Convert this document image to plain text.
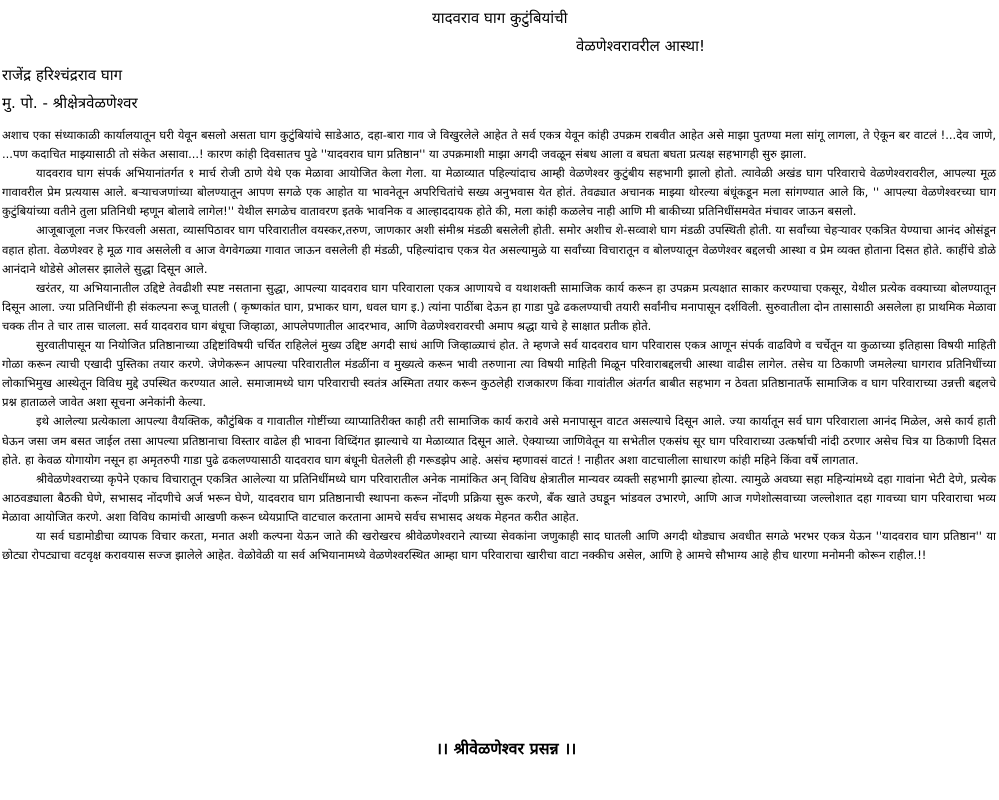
यादवराव घाग कुटुंबियांची
वेळणेश्वरावरील आस्था!
राजेंद्र हरिश्चंद्रराव घाग
मु. पो. - श्रीक्षेत्रवेळणेश्वर

अशाच एका संध्याकाळी कार्यालयातून घरी येवून बसलो असता घाग कुटुंबियांचे साडेआठ, दहा-बारा गाव जे विखुरलेले आहेत ते सर्व एकत्र येवून कांही उपक्रम राबवीत आहेत असे माझा पुतण्या मला सांगू लागला, ते ऐकून बर वाटलं !...देव जाणे, ...पण कदाचित माझ्यासाठी तो संकेत असावा...! कारण कांही दिवसातच पुढे ''यादवराव घाग प्रतिष्ठान'' या उपक्रमाशी माझा अगदी जवळून संबध आला व बघता बघता प्रत्यक्ष सहभागही सुरु झाला.

यादवराव घाग संपर्क अभियानांतर्गत १ मार्च रोजी ठाणे येथे एक मेळावा आयोजित केला गेला. या मेळाव्यात पहिल्यांदाच आम्ही वेळणेश्वर कुटुंबीय सहभागी झालो होतो. त्यावेळी अखंड घाग परिवाराचे वेळणेश्वरावरील, आपल्या मूळ गावावरील प्रेम प्रत्ययास आले. बऱ्याचजणांच्या बोलण्यातून आपण सगळे एक आहोत या भावनेतून अपरिचितांचे सख्य अनुभवास येत होतं. तेवढ्यात अचानक माझ्या थोरल्या बंधूंकडून मला सांगण्यात आले कि, '' आपल्या वेळणेश्वरच्या घाग कुटुंबियांच्या वतीने तुला प्रतिनिधी म्हणून बोलावे लागेल!'' येथील सगळेच वातावरण इतके भावनिक व आल्हाददायक होते की, मला कांही कळलेच नाही आणि मी बाकीच्या प्रतिनिधींसमवेत मंचावर जाऊन बसलो.

आजूबाजूला नजर फिरवली असता, व्यासपिठावर घाग परिवारातील वयस्कर,तरुण, जाणकार अशी संमीश्र मंडळी बसलेली होती. समोर अशीच शे-सव्वाशे घाग मंडळी उपस्थिती होती. या सर्वांच्या चेहऱ्यावर एकत्रित येण्याचा आनंद ओसंडून वहात होता. वेळणेश्वर हे मूळ गाव असलेली व आज वेगवेगळ्या गावात जाऊन वसलेली ही मंडळी, पहिल्यांदाच एकत्र येत असल्यामुळे या सर्वांच्या विचारातून व बोलण्यातून वेळणेश्वर बद्दलची आस्था व प्रेम व्यक्त होताना दिसत होते. काहींचे डोळे आनंदाने थोडेसे ओलसर झालेले सुद्धा दिसून आले.

खरंतर, या अभियानातील उद्दिष्टे तेवढीशी स्पष्ट नसताना सुद्धा, आपल्या यादवराव घाग परिवाराला एकत्र आणायचे व यथाशक्ती सामाजिक कार्य करून हा उपक्रम प्रत्यक्षात साकार करण्याचा एकसूर, येथील प्रत्येक वक्याच्या बोलण्यातून दिसून आला. ज्या प्रतिनिधींनी ही संकल्पना रूजू घातली ( कृष्णकांत घाग, प्रभाकर घाग, धवल घाग इ.) त्यांना पाठींबा देऊन हा गाडा पुढे ढकलण्याची तयारी सर्वांनीच मनापासून दर्शविली. सुरुवातीला दोन तासासाठी असलेला हा प्राथमिक मेळावा चक्क तीन ते चार तास चालला. सर्व यादवराव घाग बंधूचा जिव्हाळा, आपलेपणातील आदरभाव, आणि वेळणेश्वरावरची अमाप श्रद्धा याचे हे साक्षात प्रतीक होते.

सुरवातीपासून या नियोजित प्रतिष्ठानाच्या उद्दिष्टांविषयी चर्चित राहिलेलं मुख्य उद्दिष्ट अगदी साधं आणि जिव्हाळ्याचं होत. ते म्हणजे सर्व यादवराव घाग परिवारास एकत्र आणून संपर्क वाढविणे व चर्चेतून या कुळाच्या इतिहासा विषयी माहिती गोळा करून त्याची एखादी पुस्तिका तयार करणे. जेणेकरून आपल्या परिवारातील मंडळींना व मुख्यत्वे करून भावी तरुणाना त्या विषयी माहिती मिळून परिवाराबद्दलची आस्था वाढीस लागेल. तसेच या ठिकाणी जमलेल्या घागराव प्रतिनिधींच्या लोकाभिमुख आस्थेतून विविध मुद्दे उपस्थित करण्यात आले. समाजामध्ये घाग परिवाराची स्वतंत्र अस्मिता तयार करून कुठलेही राजकारण किंवा गावांतील अंतर्गत बाबीत सहभाग न ठेवता प्रतिष्ठानातर्फे सामाजिक व घाग परिवाराच्या उन्नत्ती बद्दलचे प्रश्न हाताळले जावेत अशा सूचना अनेकांनी केल्या.

इथे आलेल्या प्रत्येकाला आपल्या वैयक्तिक, कौटुंबिक व गावातील गोष्टींच्या व्याप्यातिरीक्त काही तरी सामाजिक कार्य करावे असे मनापासून वाटत असल्याचे दिसून आले. ज्या कार्यातून सर्व घाग परिवाराला आनंद मिळेल, असे कार्य हाती घेऊन जसा जम बसत जाईल तसा आपल्या प्रतिष्ठानाचा विस्तार वाढेल ही भावना विध्दिंगत झाल्याचे या मेळाव्यात दिसून आले. ऐक्याच्या जाणिवेतून या सभेतील एकसंघ सूर घाग परिवाराच्या उत्कर्षाची नांदी ठरणार असेच चित्र या ठिकाणी दिसत होते. हा केवळ योगायोग नसून हा अमृतरुपी गाडा पुढे ढकलण्यासाठी यादवराव घाग बंधूनी घेतलेली ही गरूडझेप आहे. असंच म्हणावसं वाटतं ! नाहीतर अशा वाटचालीला साधारण कांही महिने किंवा वर्षे लागतात.

श्रीवेळणेश्वराच्या कृपेने एकाच विचारातून एकत्रित आलेल्या या प्रतिनिधींमध्ये घाग परिवारातील अनेक नामांकित अन् विविध क्षेत्रातील मान्यवर व्यक्ती सहभागी झाल्या होत्या. त्यामुळे अवघ्या सहा महिन्यांमध्ये दहा गावांना भेटी देणे, प्रत्येक आठवड्याला बैठकी घेणे, सभासद नोंदणीचे अर्ज भरून घेणे, यादवराव घाग प्रतिष्ठानाची स्थापना करून नोंदणी प्रक्रिया सुरू करणे, बँक खाते उघडून भांडवल उभारणे, आणि आज गणेशोत्सवाच्या जल्लोशात दहा गावच्या घाग परिवाराचा भव्य मेळावा आयोजित करणे. अशा विविध कामांची आखणी करून ध्येयप्राप्ति वाटचाल करताना आमचे सर्वच सभासद अथक मेहनत करीत आहेत.

या सर्व घडामोडीचा व्यापक विचार करता, मनात अशी कल्पना येऊन जाते की खरोखरच श्रीवेळणेश्वराने त्याच्या सेवकांना जणुकाही साद घातली आणि अगदी थोड्याच अवधीत सगळे भरभर एकत्र येऊन ''यादवराव घाग प्रतिष्ठान'' या छोट्या रोपट्याचा वटवृक्ष करावयास सज्ज झालेले आहेत. वेळोवेळी या सर्व अभियानामध्ये वेळणेश्वरस्थित आम्हा घाग परिवाराचा खारीचा वाटा नक्कीच असेल, आणि हे आमचे सौभाग्य आहे हीच धारणा मनोमनी कोरून राहील.!!

।। श्रीवेळणेश्वर प्रसन्न ।।
